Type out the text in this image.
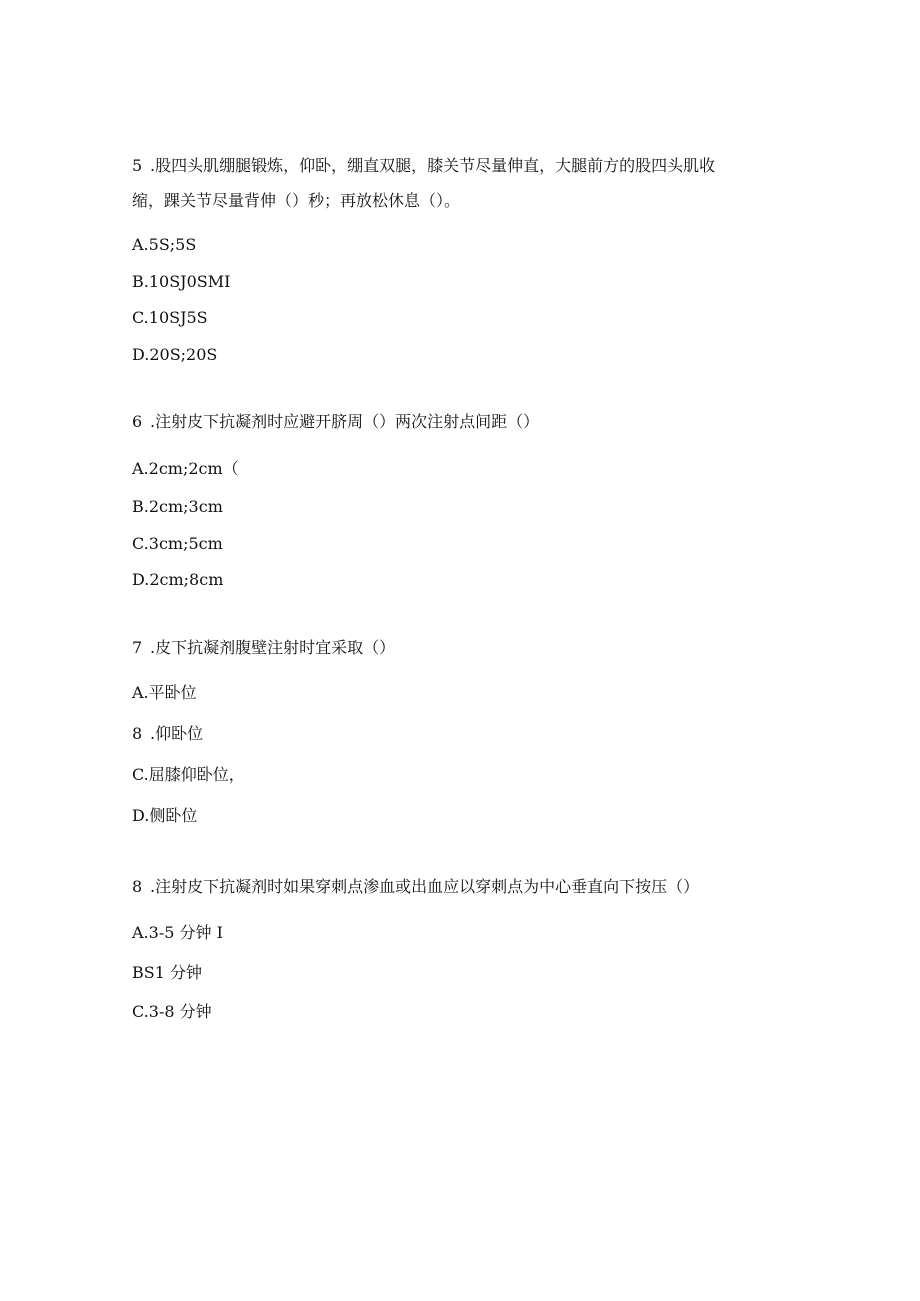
5 .股四头肌绷腿锻炼，仰卧，绷直双腿，膝关节尽量伸直，大腿前方的股四头肌收
缩，踝关节尽量背伸（）秒；再放松休息（）。
A.5S;5S
B.10SJ0SMI
C.10SJ5S
D.20S;20S
6 .注射皮下抗凝剂时应避开脐周（）两次注射点间距（）
A.2cm;2cm（
B.2cm;3cm
C.3cm;5cm
D.2cm;8cm
7 .皮下抗凝剂腹壁注射时宜采取（）
A.平卧位
8 .仰卧位
C.屈膝仰卧位，
D.侧卧位
8 .注射皮下抗凝剂时如果穿刺点渗血或出血应以穿刺点为中心垂直向下按压（）
A.3-5 分钟 I
BS1 分钟
C.3-8 分钟
